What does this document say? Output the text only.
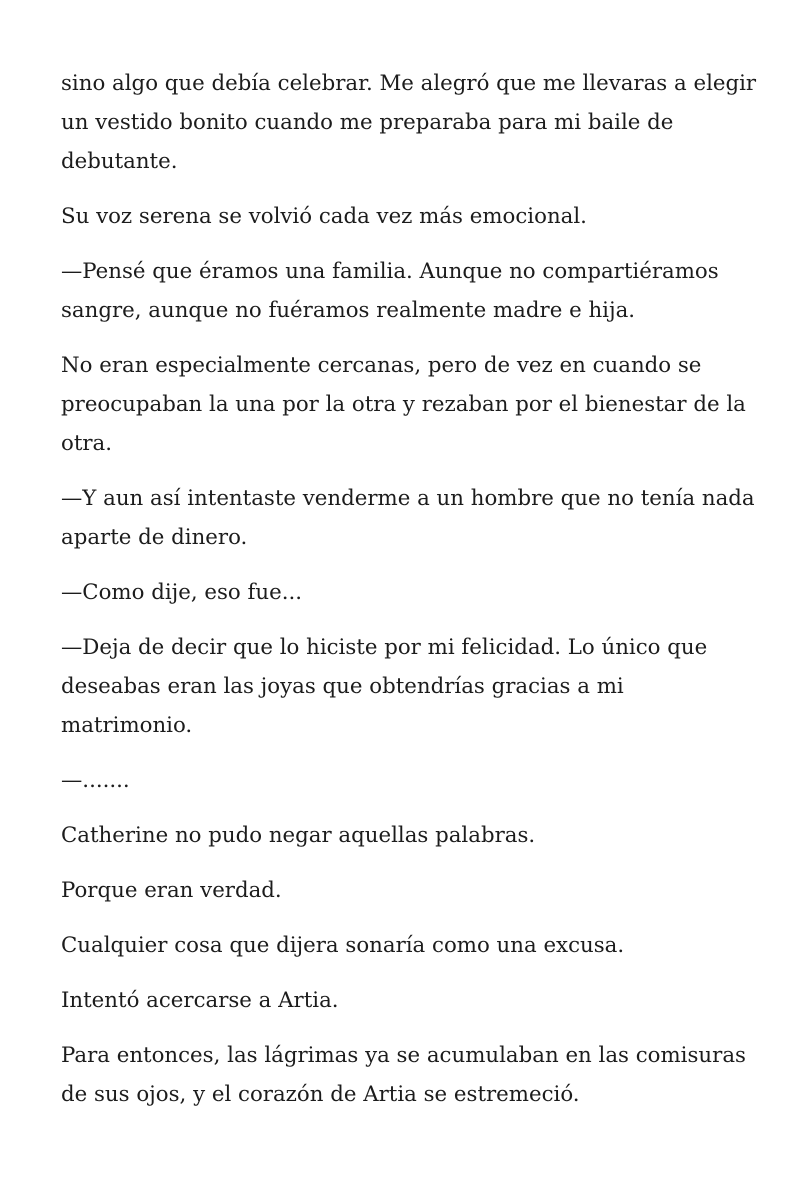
sino algo que debía celebrar. Me alegró que me llevaras a elegir un vestido bonito cuando me preparaba para mi baile de debutante.

Su voz serena se volvió cada vez más emocional.

—Pensé que éramos una familia. Aunque no compartiéramos sangre, aunque no fuéramos realmente madre e hija.

No eran especialmente cercanas, pero de vez en cuando se preocupaban la una por la otra y rezaban por el bienestar de la otra.

—Y aun así intentaste venderme a un hombre que no tenía nada aparte de dinero.

—Como dije, eso fue...

—Deja de decir que lo hiciste por mi felicidad. Lo único que deseabas eran las joyas que obtendrías gracias a mi matrimonio.

—.......

Catherine no pudo negar aquellas palabras.

Porque eran verdad.

Cualquier cosa que dijera sonaría como una excusa.

Intentó acercarse a Artia.

Para entonces, las lágrimas ya se acumulaban en las comisuras de sus ojos, y el corazón de Artia se estremeció.
